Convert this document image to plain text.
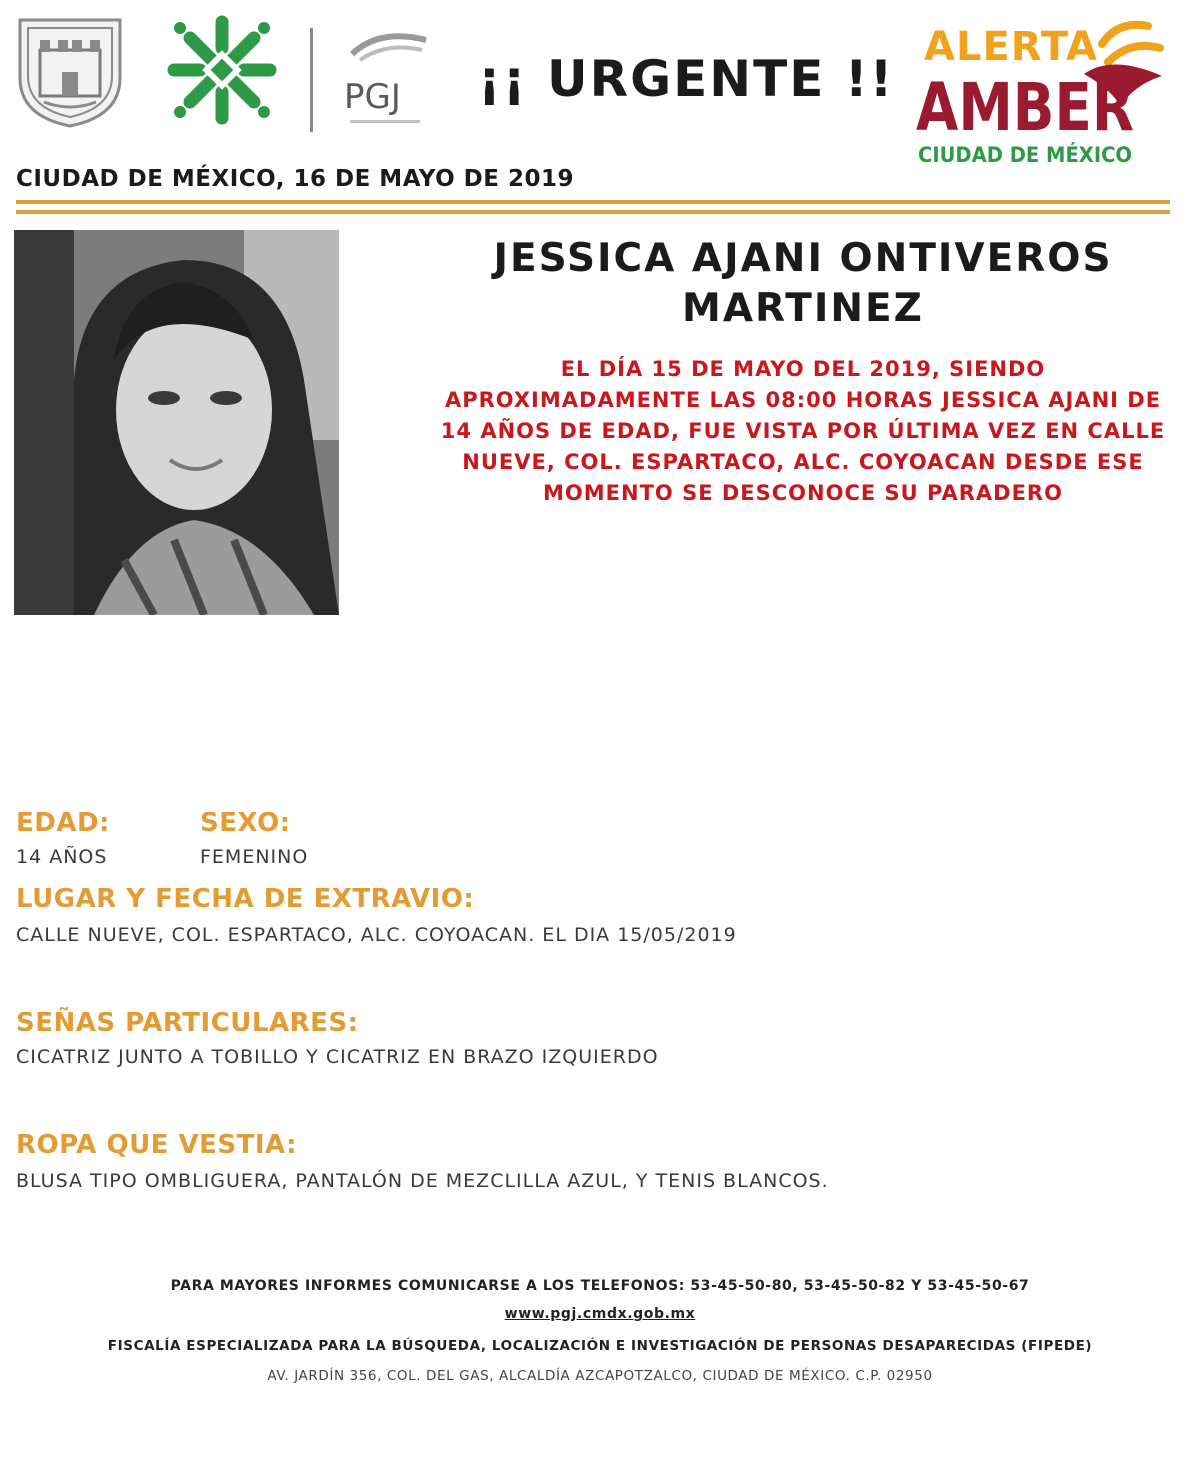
PGJ ¡¡ URGENTE !!
ALERTA
AMBER
CIUDAD DE MÉXICO
CIUDAD DE MÉXICO, 16 DE MAYO DE 2019
JESSICA AJANI ONTIVEROS MARTINEZ
EL DÍA 15 DE MAYO DEL 2019, SIENDO APROXIMADAMENTE LAS 08:00 HORAS JESSICA AJANI DE 14 AÑOS DE EDAD, FUE VISTA POR ÚLTIMA VEZ EN CALLE NUEVE, COL. ESPARTACO, ALC. COYOACAN DESDE ESE MOMENTO SE DESCONOCE SU PARADERO
EDAD:	SEXO:
14 AÑOS	FEMENINO
LUGAR Y FECHA DE EXTRAVIO:
CALLE NUEVE, COL. ESPARTACO, ALC. COYOACAN. EL DIA 15/05/2019
SEÑAS PARTICULARES:
CICATRIZ JUNTO A TOBILLO Y CICATRIZ EN BRAZO IZQUIERDO
ROPA QUE VESTIA:
BLUSA TIPO OMBLIGUERA, PANTALÓN DE MEZCLILLA AZUL, Y TENIS BLANCOS.
PARA MAYORES INFORMES COMUNICARSE A LOS TELEFONOS: 53-45-50-80, 53-45-50-82 Y 53-45-50-67
www.pgj.cmdx.gob.mx
FISCALÍA ESPECIALIZADA PARA LA BÚSQUEDA, LOCALIZACIÓN E INVESTIGACIÓN DE PERSONAS DESAPARECIDAS (FIPEDE)
AV. JARDÍN 356, COL. DEL GAS, ALCALDÍA AZCAPOTZALCO, CIUDAD DE MÉXICO. C.P. 02950
